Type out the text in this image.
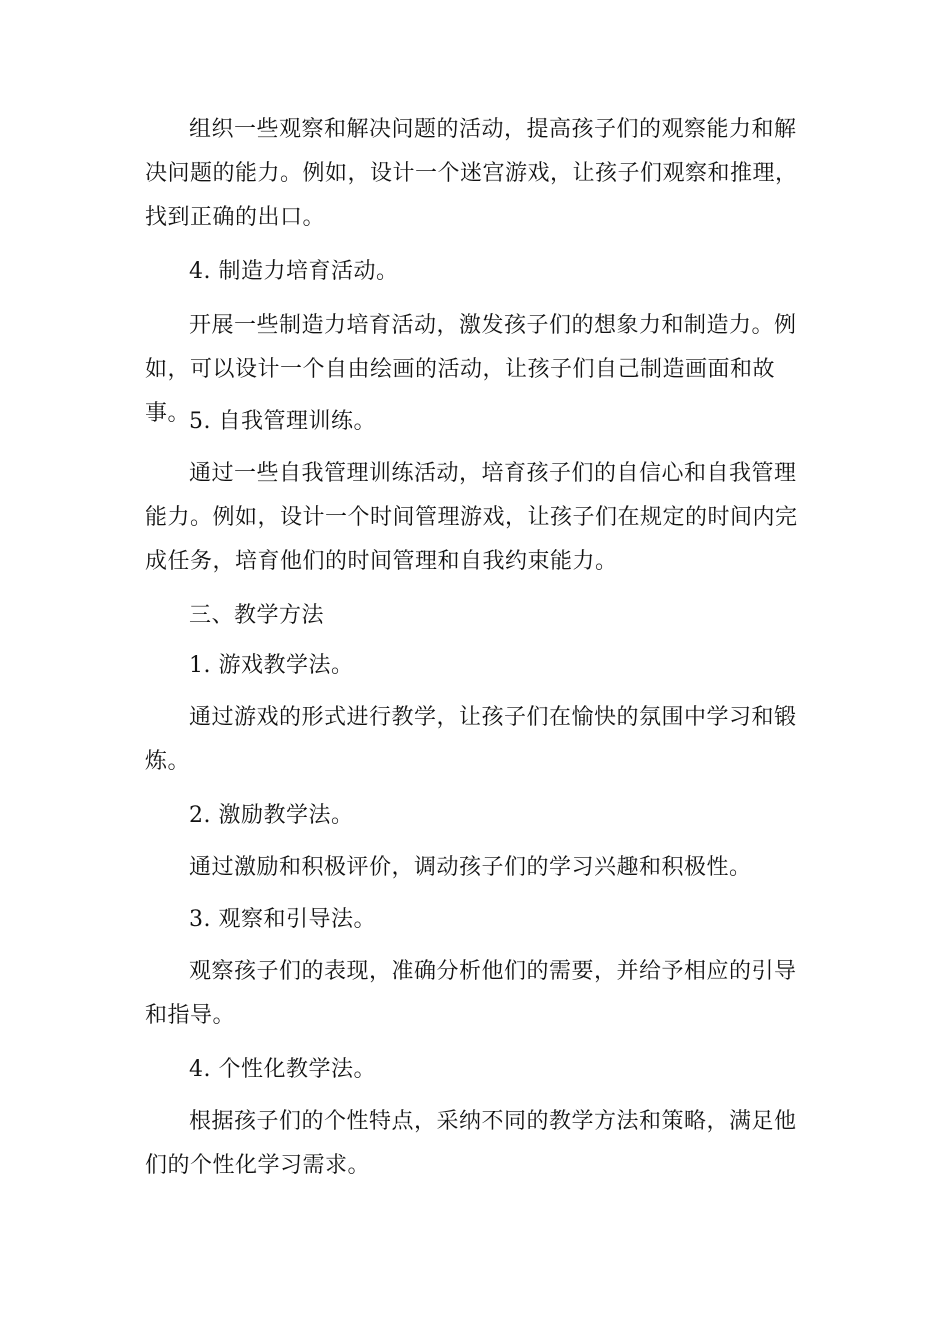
组织一些观察和解决问题的活动，提高孩子们的观察能力和解决问题的能力。例如，设计一个迷宫游戏，让孩子们观察和推理，找到正确的出口。

4. 制造力培育活动。

开展一些制造力培育活动，激发孩子们的想象力和制造力。例如，可以设计一个自由绘画的活动，让孩子们自己制造画面和故事。

5. 自我管理训练。

通过一些自我管理训练活动，培育孩子们的自信心和自我管理能力。例如，设计一个时间管理游戏，让孩子们在规定的时间内完成任务，培育他们的时间管理和自我约束能力。

三、教学方法

1. 游戏教学法。

通过游戏的形式进行教学，让孩子们在愉快的氛围中学习和锻炼。

2. 激励教学法。

通过激励和积极评价，调动孩子们的学习兴趣和积极性。

3. 观察和引导法。

观察孩子们的表现，准确分析他们的需要，并给予相应的引导和指导。

4. 个性化教学法。

根据孩子们的个性特点，采纳不同的教学方法和策略，满足他们的个性化学习需求。
